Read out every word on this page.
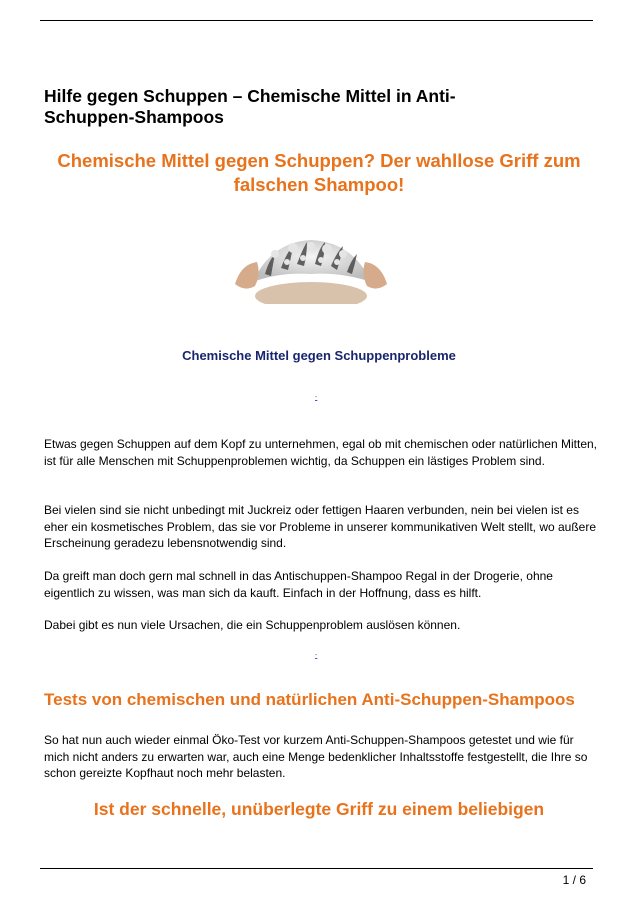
Hilfe gegen Schuppen – Chemische Mittel in Anti-Schuppen-Shampoos
Chemische Mittel gegen Schuppen? Der wahllose Griff zum falschen Shampoo!
Chemische Mittel gegen Schuppenprobleme
-

Etwas gegen Schuppen auf dem Kopf zu unternehmen, egal ob mit chemischen oder natürlichen Mitten, ist für alle Menschen mit Schuppenproblemen wichtig, da Schuppen ein lästiges Problem sind.

Bei vielen sind sie nicht unbedingt mit Juckreiz oder fettigen Haaren verbunden, nein bei vielen ist es eher ein kosmetisches Problem, das sie vor Probleme in unserer kommunikativen Welt stellt, wo außere Erscheinung geradezu lebensnotwendig sind.

Da greift man doch gern mal schnell in das Antischuppen-Shampoo Regal in der Drogerie, ohne eigentlich zu wissen, was man sich da kauft. Einfach in der Hoffnung, dass es hilft.

Dabei gibt es nun viele Ursachen, die ein Schuppenproblem auslösen können.

-
Tests von chemischen und natürlichen Anti-Schuppen-Shampoos

So hat nun auch wieder einmal Öko-Test vor kurzem Anti-Schuppen-Shampoos getestet und wie für mich nicht anders zu erwarten war, auch eine Menge bedenklicher Inhaltsstoffe festgestellt, die Ihre so schon gereizte Kopfhaut noch mehr belasten.

Ist der schnelle, unüberlegte Griff zu einem beliebigen
1 / 6
